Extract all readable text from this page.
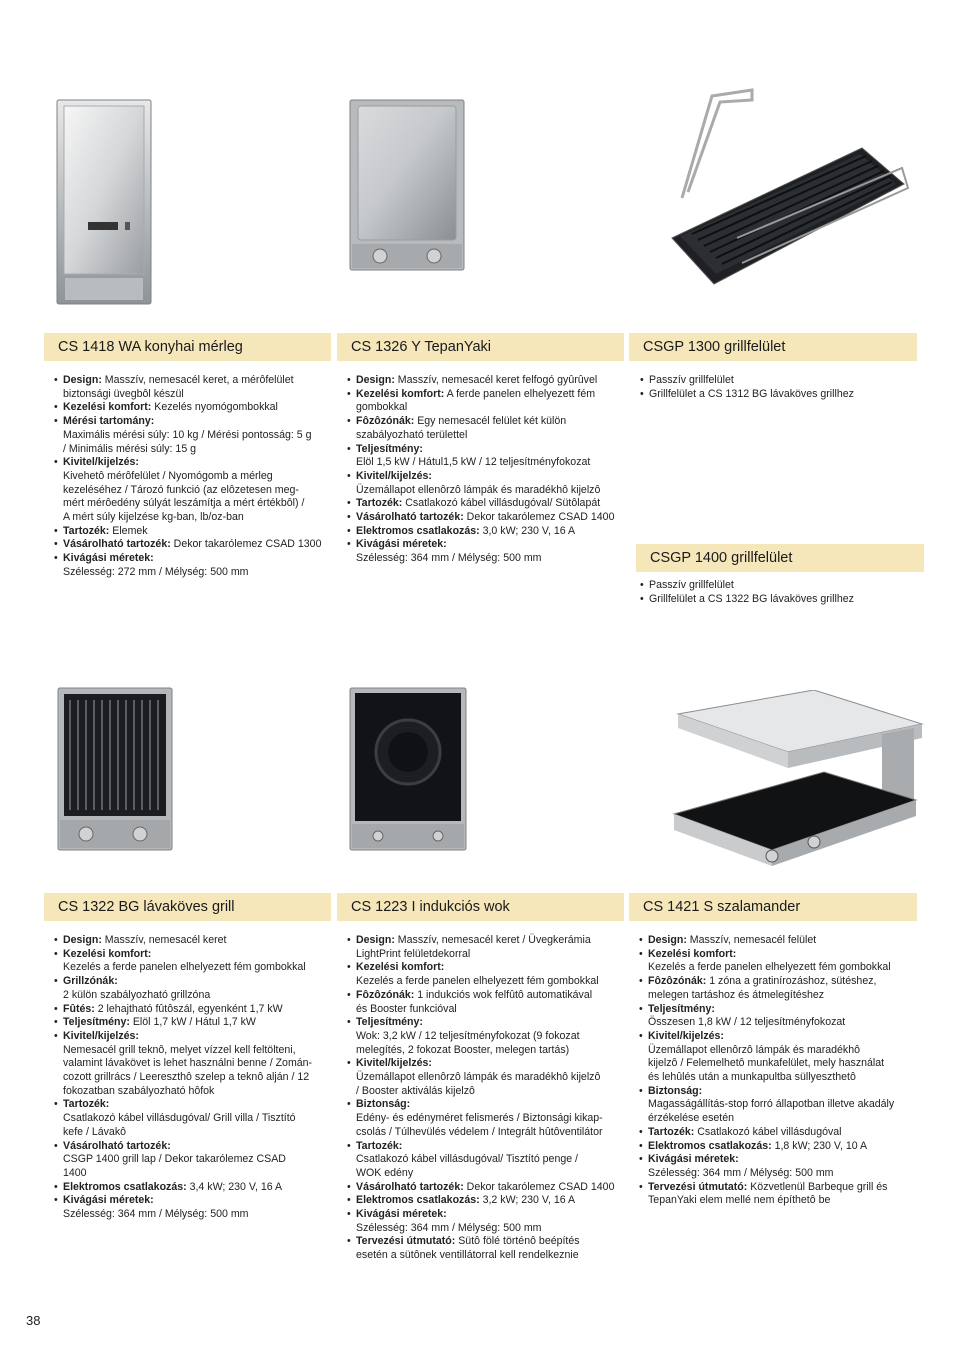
CS 1418 WA konyhai mérleg
• Design: Masszív, nemesacél keret, a mérôfelület
biztonsági üvegbôl készül
• Kezelési komfort: Kezelés nyomógombokkal
• Mérési tartomány:
Maximális mérési súly: 10 kg / Mérési pontosság: 5 g
/ Minimális mérési súly: 15 g
• Kivitel/kijelzés:
Kivehetô mérôfelület / Nyomógomb a mérleg
kezeléséhez / Tározó funkció (az elôzetesen meg-
mért mérôedény súlyát leszámítja a mért értékbôl) /
A mért súly kijelzése kg-ban, lb/oz-ban
• Tartozék: Elemek
• Vásárolható tartozék: Dekor takarólemez CSAD 1300
• Kivágási méretek:
Szélesség: 272 mm / Mélység: 500 mm
CS 1326 Y TepanYaki
• Design: Masszív, nemesacél keret felfogó gyûrûvel
• Kezelési komfort: A ferde panelen elhelyezett fém
gombokkal
• Fôzôzónák: Egy nemesacél felület két külön
szabályozható területtel
• Teljesítmény:
Elöl 1,5 kW / Hátul1,5 kW / 12 teljesítményfokozat
• Kivitel/kijelzés:
Üzemállapot ellenôrzô lámpák és maradékhô kijelzô
• Tartozék: Csatlakozó kábel villásdugóval/ Sütôlapát
• Vásárolható tartozék: Dekor takarólemez CSAD 1400
• Elektromos csatlakozás: 3,0 kW; 230 V, 16 A
• Kivágási méretek:
Szélesség: 364 mm / Mélység: 500 mm
CSGP 1300 grillfelület
• Passzív grillfelület
• Grillfelület a CS 1312 BG lávaköves grillhez
CSGP 1400 grillfelület
• Passzív grillfelület
• Grillfelület a CS 1322 BG lávaköves grillhez
CS 1322 BG lávaköves grill
• Design: Masszív, nemesacél keret
• Kezelési komfort:
Kezelés a ferde panelen elhelyezett fém gombokkal
• Grillzónák:
2 külön szabályozható grillzóna
• Fûtés: 2 lehajtható fûtôszál, egyenként 1,7 kW
• Teljesítmény: Elöl 1,7 kW / Hátul 1,7 kW
• Kivitel/kijelzés:
Nemesacél grill teknô, melyet vízzel kell feltölteni,
valamint lávakövet is lehet használni benne / Zomán-
cozott grillrács / Leereszthô szelep a teknô alján / 12
fokozatban szabályozható hôfok
• Tartozék:
Csatlakozó kábel villásdugóval/ Grill villa / Tisztító
kefe / Lávakô
• Vásárolható tartozék:
CSGP 1400 grill lap / Dekor takarólemez CSAD
1400
• Elektromos csatlakozás: 3,4 kW; 230 V, 16 A
• Kivágási méretek:
Szélesség: 364 mm / Mélység: 500 mm
CS 1223 I indukciós wok
• Design: Masszív, nemesacél keret / Üvegkerámia
LightPrint felületdekorral
• Kezelési komfort:
Kezelés a ferde panelen elhelyezett fém gombokkal
• Fôzôzónák: 1 indukciós wok felfûtô automatikával
és Booster funkcióval
• Teljesítmény:
Wok: 3,2 kW / 12 teljesítményfokozat (9 fokozat
melegítés, 2 fokozat Booster, melegen tartás)
• Kivitel/kijelzés:
Üzemállapot ellenôrzô lámpák és maradékhô kijelzô
/ Booster aktiválás kijelzô
• Biztonság:
Edény- és edényméret felismerés / Biztonsági kikap-
csolás / Túlhevülés védelem / Integrált hûtôventilátor
• Tartozék:
Csatlakozó kábel villásdugóval/ Tisztító penge /
WOK edény
• Vásárolható tartozék: Dekor takarólemez CSAD 1400
• Elektromos csatlakozás: 3,2 kW; 230 V, 16 A
• Kivágási méretek:
Szélesség: 364 mm / Mélység: 500 mm
• Tervezési útmutató: Sütô fölé történô beépítés
esetén a sütônek ventillátorral kell rendelkeznie
CS 1421 S szalamander
• Design: Masszív, nemesacél felület
• Kezelési komfort:
Kezelés a ferde panelen elhelyezett fém gombokkal
• Fôzôzónák: 1 zóna a gratinírozáshoz, sütéshez,
melegen tartáshoz és átmelegítéshez
• Teljesítmény:
Összesen 1,8 kW / 12 teljesítményfokozat
• Kivitel/kijelzés:
Üzemállapot ellenôrzô lámpák és maradékhô
kijelzô / Felemelhetô munkafelület, mely használat
és lehûlés után a munkapultba süllyeszthetô
• Biztonság:
Magasságállítás-stop forró állapotban illetve akadály
érzékelése esetén
• Tartozék: Csatlakozó kábel villásdugóval
• Elektromos csatlakozás: 1,8 kW; 230 V, 10 A
• Kivágási méretek:
Szélesség: 364 mm / Mélység: 500 mm
• Tervezési útmutató: Közvetlenül Barbeque grill és
TepanYaki elem mellé nem építhetô be
38
